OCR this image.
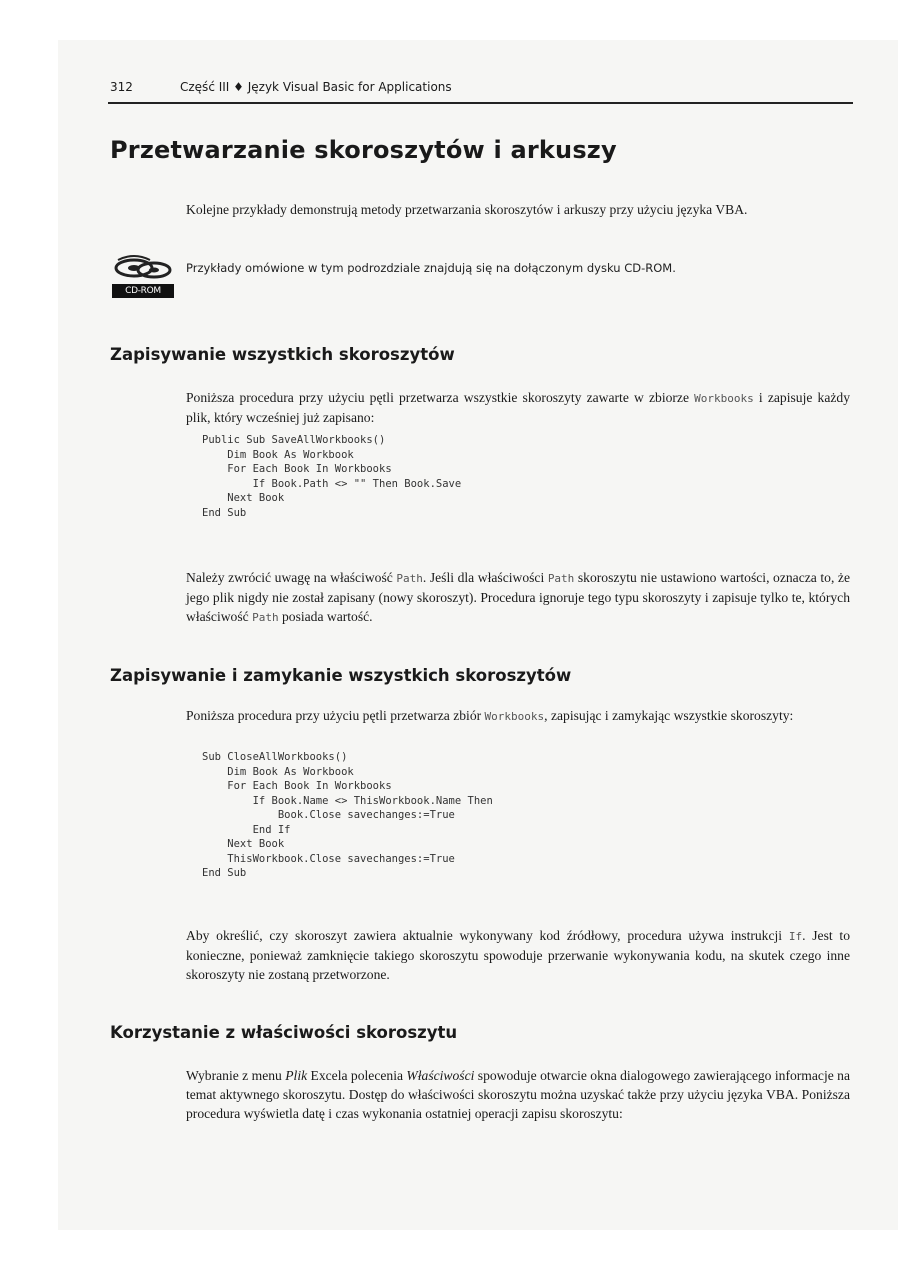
312	Część III ♦ Język Visual Basic for Applications
Przetwarzanie skoroszytów i arkuszy

Kolejne przykłady demonstrują metody przetwarzania skoroszytów i arkuszy przy użyciu języka VBA.

CD-ROM
Przykłady omówione w tym podrozdziale znajdują się na dołączonym dysku CD-ROM.
Zapisywanie wszystkich skoroszytów

Poniższa procedura przy użyciu pętli przetwarza wszystkie skoroszyty zawarte w zbiorze Workbooks i zapisuje każdy plik, który wcześniej już zapisano:

Public Sub SaveAllWorkbooks()
Dim Book As Workbook
For Each Book In Workbooks
If Book.Path <> "" Then Book.Save
Next Book
End Sub

Należy zwrócić uwagę na właściwość Path. Jeśli dla właściwości Path skoroszytu nie ustawiono wartości, oznacza to, że jego plik nigdy nie został zapisany (nowy skoroszyt). Procedura ignoruje tego typu skoroszyty i zapisuje tylko te, których właściwość Path posiada wartość.

Zapisywanie i zamykanie wszystkich skoroszytów

Poniższa procedura przy użyciu pętli przetwarza zbiór Workbooks, zapisując i zamykając wszystkie skoroszyty:

Sub CloseAllWorkbooks()
Dim Book As Workbook
For Each Book In Workbooks
If Book.Name <> ThisWorkbook.Name Then
Book.Close savechanges:=True
End If
Next Book
ThisWorkbook.Close savechanges:=True
End Sub

Aby określić, czy skoroszyt zawiera aktualnie wykonywany kod źródłowy, procedura używa instrukcji If. Jest to konieczne, ponieważ zamknięcie takiego skoroszytu spowoduje przerwanie wykonywania kodu, na skutek czego inne skoroszyty nie zostaną przetworzone.

Korzystanie z właściwości skoroszytu

Wybranie z menu Plik Excela polecenia Właściwości spowoduje otwarcie okna dialogowego zawierającego informacje na temat aktywnego skoroszytu. Dostęp do właściwości skoroszytu można uzyskać także przy użyciu języka VBA. Poniższa procedura wyświetla datę i czas wykonania ostatniej operacji zapisu skoroszytu:
